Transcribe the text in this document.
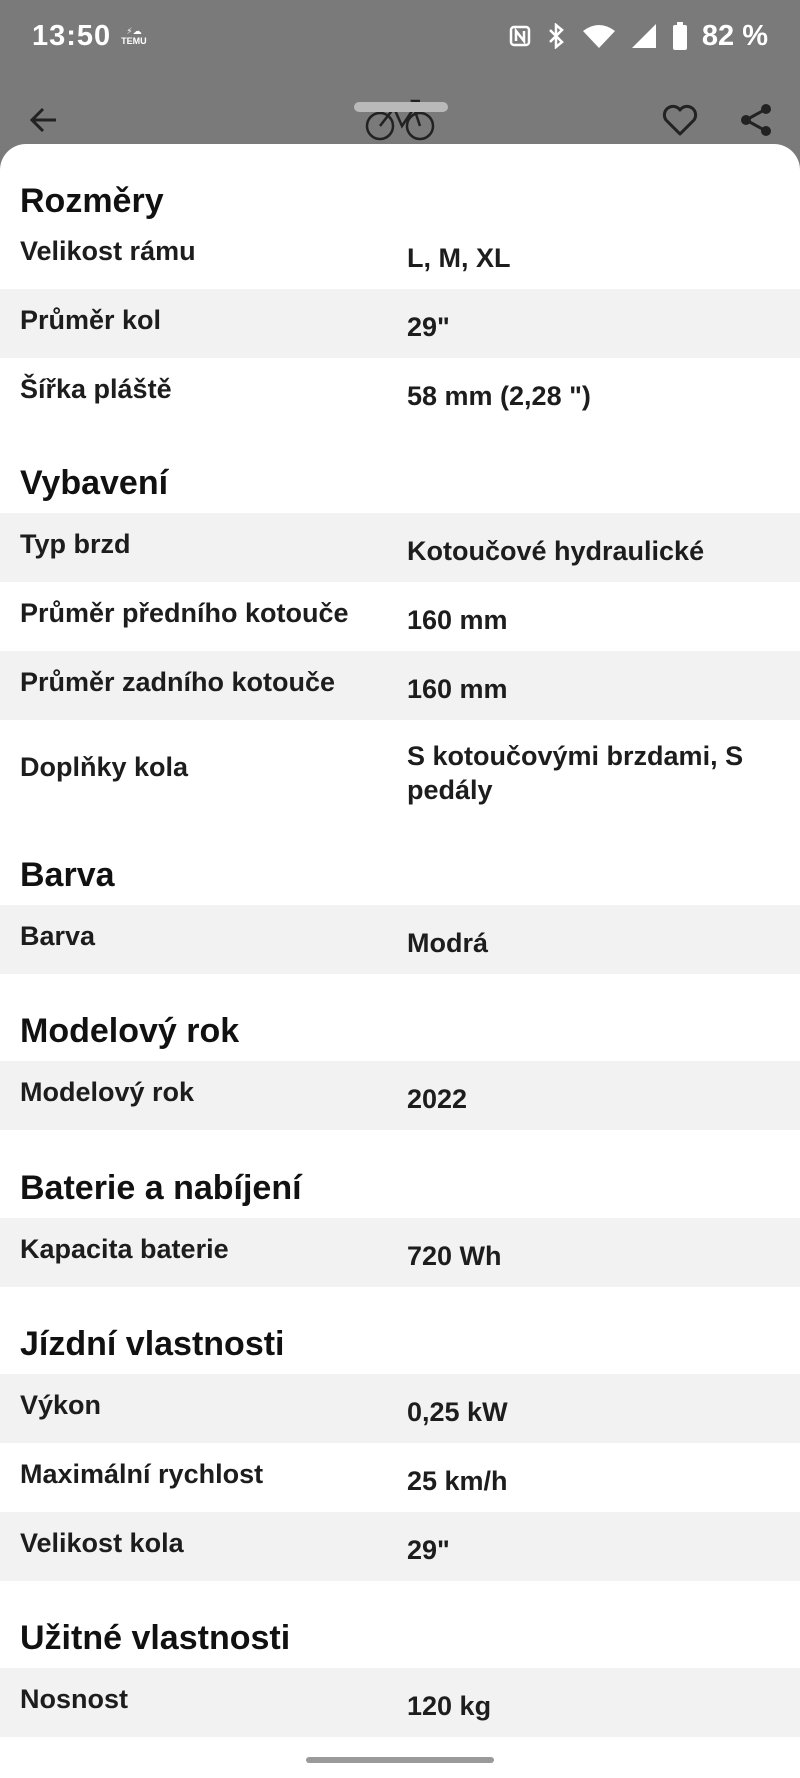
13:50	⚡☁
TEMU	82 %
Rozměry
Velikost rámu	L, M, XL
Průměr kol	29"
Šířka pláště	58 mm (2,28 ")
Vybavení
Typ brzd	Kotoučové hydraulické
Průměr předního kotouče 160 mm
Průměr zadního kotouče	160 mm
Doplňky kola	S kotoučovými brzdami, S pedály
Barva
Barva	Modrá
Modelový rok
Modelový rok	2022
Baterie a nabíjení
Kapacita baterie	720 Wh
Jízdní vlastnosti
Výkon	0,25 kW
Maximální rychlost	25 km/h
Velikost kola	29"
Užitné vlastnosti
Nosnost	120 kg
